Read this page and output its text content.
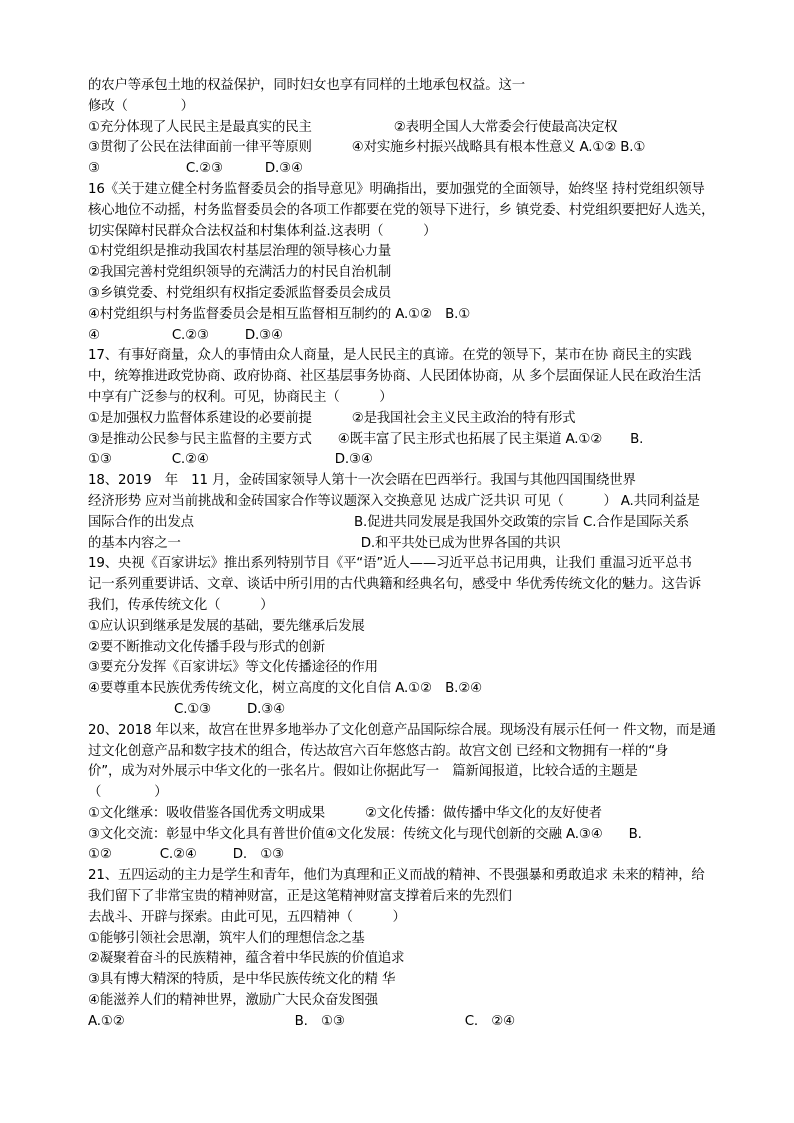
的农户等承包土地的权益保护，同时妇女也享有同样的土地承包权益。这一
修改（　　　　）
①充分体现了人民民主是最真实的民主	②表明全国人大常委会行使最高决定权
③贯彻了公民在法律面前一律平等原则	④对实施乡村振兴战略具有根本性意义 A.①② B.①
③	C.②③	D.③④
16《关于建立健全村务监督委员会的指导意见》明确指出，要加强党的全面领导，始终坚 持村党组织领导
核心地位不动摇，村务监督委员会的各项工作都要在党的领导下进行，乡 镇党委、村党组织要把好人选关，
切实保障村民群众合法权益和村集体利益.这表明（　　　）
①村党组织是推动我国农村基层治理的领导核心力量
②我国完善村党组织领导的充满活力的村民自治机制
③乡镇党委、村党组织有权指定委派监督委员会成员
④村党组织与村务监督委员会是相互监督相互制约的 A.①②　B.①
④	C.②③	D.③④
17、有事好商量，众人的事情由众人商量，是人民民主的真谛。在党的领导下，某市在协 商民主的实践
中，统筹推进政党协商、政府协商、社区基层事务协商、人民团体协商，从 多个层面保证人民在政治生活
中享有广泛参与的权利。可见，协商民主（　　　）
①是加强权力监督体系建设的必要前提	②是我国社会主义民主政治的特有形式
③是推动公民参与民主监督的主要方式 ④既丰富了民主形式也拓展了民主渠道 A.①② B.
①③	C.②④	D.③④
18、2019　年　11 月，金砖国家领导人第十一次会晤在巴西举行。我国与其他四国围绕世界
经济形势 应对当前挑战和金砖国家合作等议题深入交换意见 达成广泛共识 可见（　　　） A.共同利益是
国际合作的出发点	B.促进共同发展是我国外交政策的宗旨 C.合作是国际关系
的基本内容之一	D.和平共处已成为世界各国的共识
19、央视《百家讲坛》推出系列特别节目《平“语”近人——习近平总书记用典，让我们 重温习近平总书
记一系列重要讲话、文章、谈话中所引用的古代典籍和经典名句，感受中 华优秀传统文化的魅力。这告诉
我们，传承传统文化（　　　）
①应认识到继承是发展的基础，要先继承后发展
②要不断推动文化传播手段与形式的创新
③要充分发挥《百家讲坛》等文化传播途径的作用
④要尊重本民族优秀传统文化，树立高度的文化自信 A.①②　B.②④
C.①③	D.③④
20、2018 年以来，故宫在世界多地举办了文化创意产品国际综合展。现场没有展示任何一 件文物，而是通
过文化创意产品和数字技术的组合，传达故宫六百年悠悠古韵。故宫文创 已经和文物拥有一样的“身
价”，成为对外展示中华文化的一张名片。假如让你据此写一　篇新闻报道，比较合适的主题是
（　　　　）
①文化继承：吸收借鉴各国优秀文明成果	②文化传播：做传播中华文化的友好使者
③文化交流：彰显中华文化具有普世价值④文化发展：传统文化与现代创新的交融 A.③④ B.
①②	C.②④	D.　①③
21、五四运动的主力是学生和青年，他们为真理和正义而战的精神、不畏强暴和勇敢追求 未来的精神，给
我们留下了非常宝贵的精神财富，正是这笔精神财富支撑着后来的先烈们
去战斗、开辟与探索。由此可见，五四精神（　　　）
①能够引领社会思潮，筑牢人们的理想信念之基
②凝聚着奋斗的民族精神，蕴含着中华民族的价值追求
③具有博大精深的特质，是中华民族传统文化的精 华
④能滋养人们的精神世界，激励广大民众奋发图强
A.①②	B.　①③	C.　②④
